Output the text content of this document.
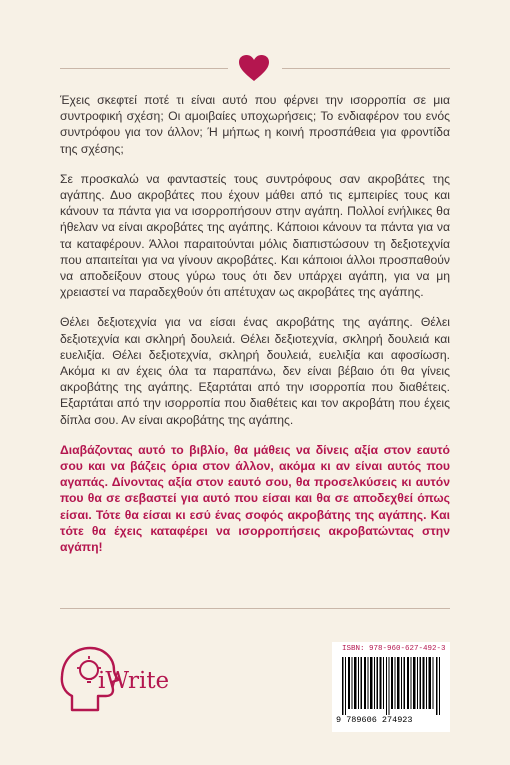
Έχεις σκεφτεί ποτέ τι είναι αυτό που φέρνει την ισορροπία σε μια συντροφική σχέση; Οι αμοιβαίες υποχωρήσεις; Το ενδιαφέρον του ενός συντρόφου για τον άλλον; Ή μήπως η κοινή προσπάθεια για φροντίδα της σχέσης;

Σε προσκαλώ να φανταστείς τους συντρόφους σαν ακροβάτες της αγάπης. Δυο ακροβάτες που έχουν μάθει από τις εμπειρίες τους και κάνουν τα πάντα για να ισορροπήσουν στην αγάπη. Πολλοί ενήλικες θα ήθελαν να είναι ακροβάτες της αγάπης. Κάποιοι κάνουν τα πάντα για να τα καταφέρουν. Άλλοι παραιτούνται μόλις διαπιστώσουν τη δεξιοτεχνία που απαιτείται για να γίνουν ακροβάτες. Και κάποιοι άλλοι προσπαθούν να αποδείξουν στους γύρω τους ότι δεν υπάρχει αγάπη, για να μη χρειαστεί να παραδεχθούν ότι απέτυχαν ως ακροβάτες της αγάπης.

Θέλει δεξιοτεχνία για να είσαι ένας ακροβάτης της αγάπης. Θέλει δεξιοτεχνία και σκληρή δουλειά. Θέλει δεξιοτεχνία, σκληρή δουλειά και ευελιξία. Θέλει δεξιοτεχνία, σκληρή δουλειά, ευελιξία και αφοσίωση. Ακόμα κι αν έχεις όλα τα παραπάνω, δεν είναι βέβαιο ότι θα γίνεις ακροβάτης της αγάπης. Εξαρτάται από την ισορροπία που διαθέτεις. Εξαρτάται από την ισορροπία που διαθέτεις και τον ακροβάτη που έχεις δίπλα σου. Αν είναι ακροβάτης της αγάπης.

Διαβάζοντας αυτό το βιβλίο, θα μάθεις να δίνεις αξία στον εαυτό σου και να βάζεις όρια στον άλλον, ακόμα κι αν είναι αυτός που αγαπάς. Δίνοντας αξία στον εαυτό σου, θα προσελκύσεις κι αυτόν που θα σε σεβαστεί για αυτό που είσαι και θα σε αποδεχθεί όπως είσαι. Τότε θα είσαι κι εσύ ένας σοφός ακροβάτης της αγάπης. Και τότε θα έχεις καταφέρει να ισορροπήσεις ακροβατώντας στην αγάπη!

iWrite
ISBN: 978-960-627-492-3
9 789606 274923
